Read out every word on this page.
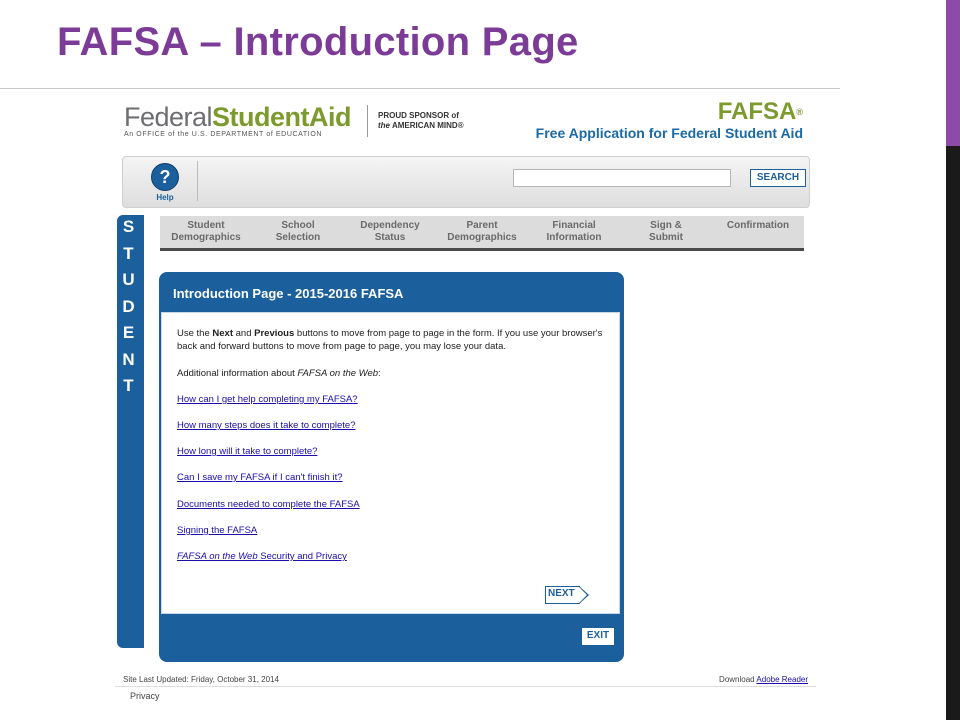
FAFSA – Introduction Page
FederalStudentAid
An OFFICE of the U.S. DEPARTMENT of EDUCATION
PROUD SPONSOR of
the AMERICAN MIND®
FAFSA®
Free Application for Federal Student Aid
?
Help
SEARCH
S
T
U
D
E
N
T
Student
Demographics
School
Selection
Dependency
Status
Parent
Demographics
Financial
Information
Sign &
Submit
Confirmation
Introduction Page - 2015-2016 FAFSA
Use the Next and Previous buttons to move from page to page in the form. If you use your browser's back and forward buttons to move from page to page, you may lose your data.
Additional information about FAFSA on the Web:
How can I get help completing my FAFSA?
How many steps does it take to complete?
How long will it take to complete?
Can I save my FAFSA if I can't finish it?
Documents needed to complete the FAFSA
Signing the FAFSA
FAFSA on the Web Security and Privacy
NEXT
EXIT
Site Last Updated: Friday, October 31, 2014	Download Adobe Reader
Privacy
